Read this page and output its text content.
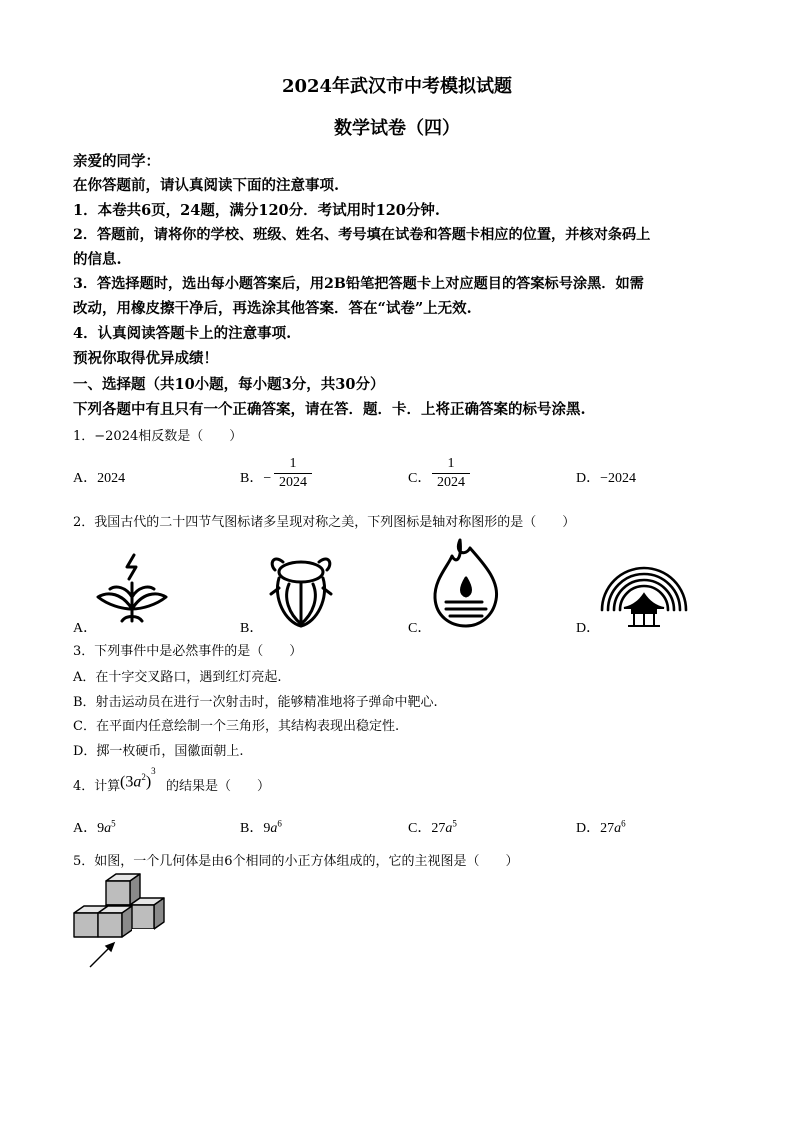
2024年武汉市中考模拟试题
数学试卷（四）
亲爱的同学：
在你答题前，请认真阅读下面的注意事项.
1．本卷共6页，24题，满分120分．考试用时120分钟.
2．答题前，请将你的学校、班级、姓名、考号填在试卷和答题卡相应的位置，并核对条码上
的信息.
3．答选择题时，选出每小题答案后，用2B铅笔把答题卡上对应题目的答案标号涂黑．如需
改动，用橡皮擦干净后，再选涂其他答案．答在“试卷”上无效.
4．认真阅读答题卡上的注意事项.
预祝你取得优异成绩！
一、选择题（共10小题，每小题3分，共30分）
下列各题中有且只有一个正确答案，请在答．题．卡．上将正确答案的标号涂黑.
1．−2024相反数是（　　）
A．2024	B．−
1
2024	C．
1
2024	D．−2024
2．我国古代的二十四节气图标诸多呈现对称之美，下列图标是轴对称图形的是（　　）
A．	B．	C．	D．
3．下列事件中是必然事件的是（　　）
A．在十字交叉路口，遇到红灯亮起.
B．射击运动员在进行一次射击时，能够精准地将子弹命中靶心.
C．在平面内任意绘制一个三角形，其结构表现出稳定性.
D．掷一枚硬币，国徽面朝上.
4．计算 $(3a^2)^3$
的结果是（　　）
A．$9a^5$	B．$9a^6$	C．$27a^5$	D．$27a^6$
5．如图，一个几何体是由6个相同的小正方体组成的，它的主视图是（　　）
